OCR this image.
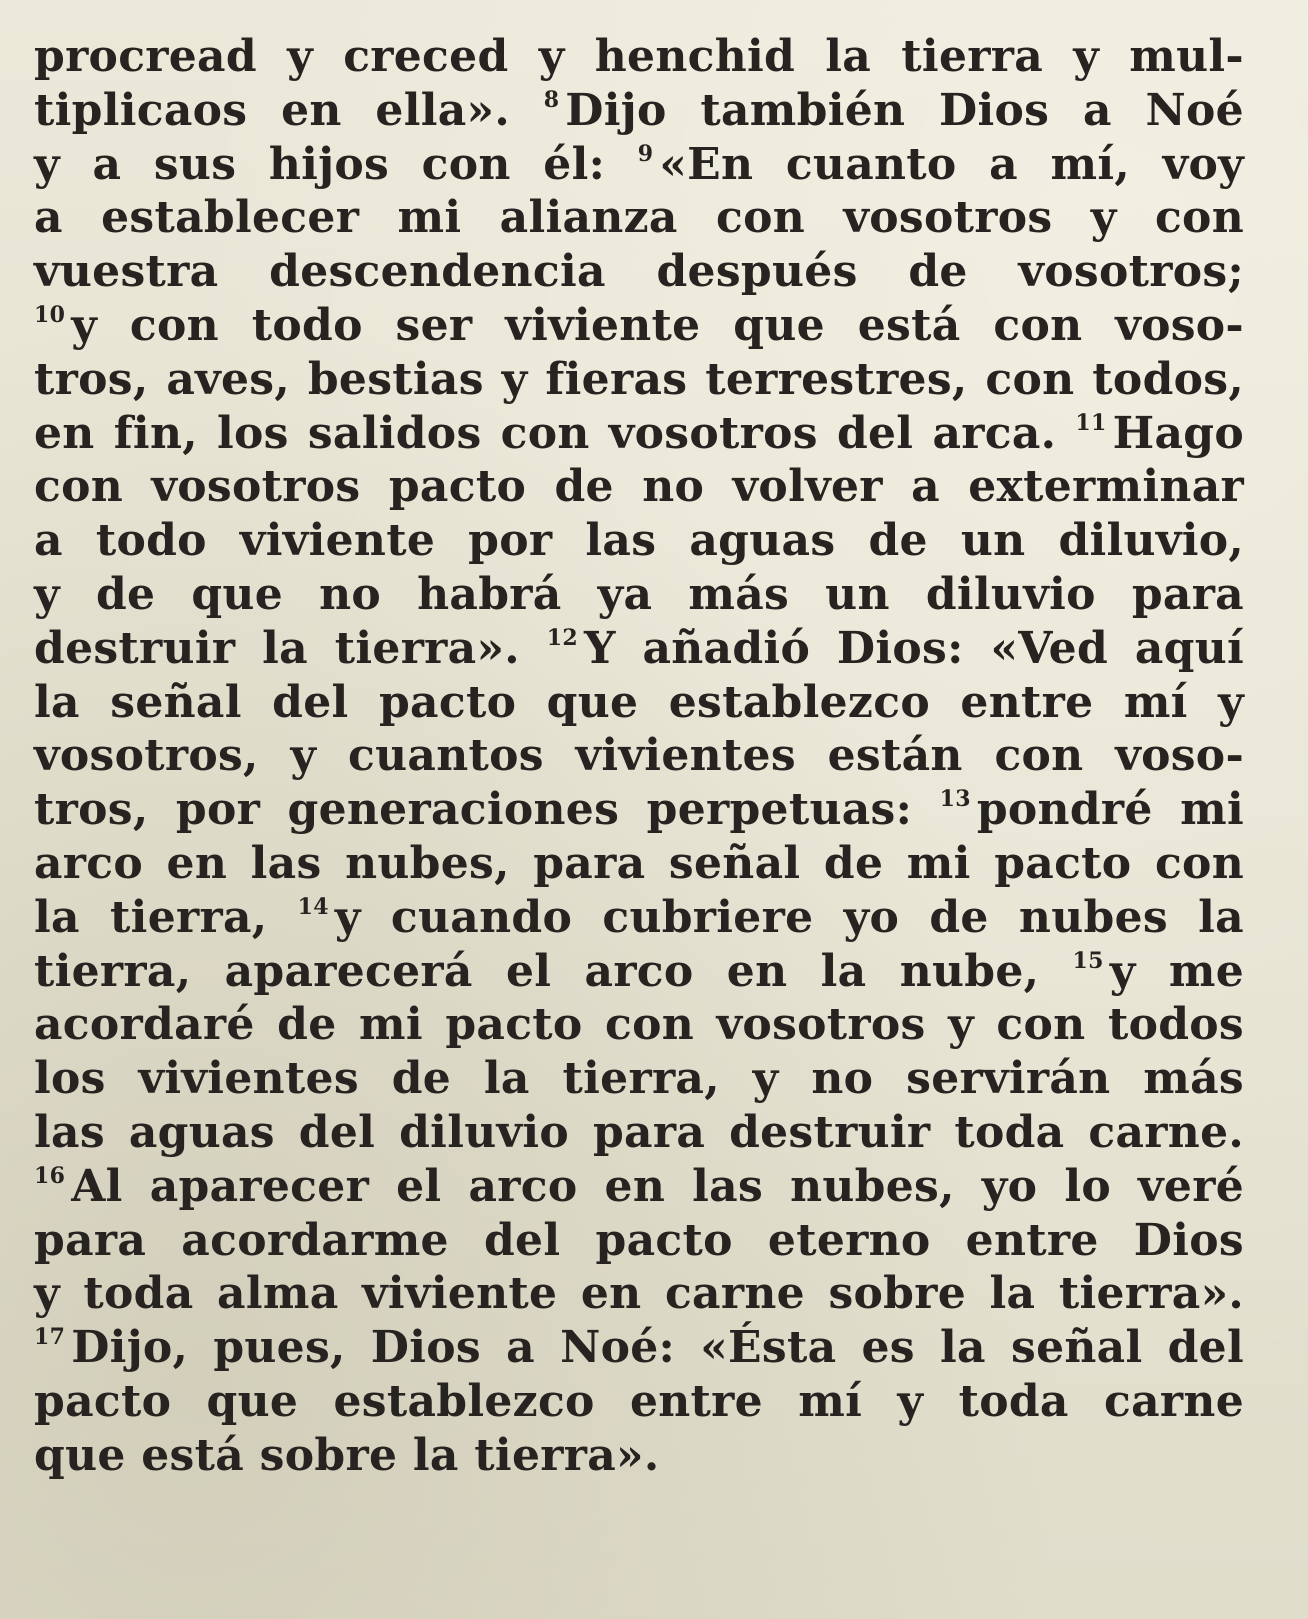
procread y creced y henchid la tierra y mul-
tiplicaos en ella». $^8$ Dijo también Dios a Noé
y a sus hijos con él: $^9$ «En cuanto a mí, voy
a establecer mi alianza con vosotros y con
vuestra descendencia después de vosotros;
$^{10}$ y con todo ser viviente que está con voso-
tros, aves, bestias y fieras terrestres, con todos,
en fin, los salidos con vosotros del arca. $^{11}$ Hago
con vosotros pacto de no volver a exterminar
a todo viviente por las aguas de un diluvio,
y de que no habrá ya más un diluvio para
destruir la tierra». $^{12}$ Y añadió Dios: «Ved aquí
la señal del pacto que establezco entre mí y
vosotros, y cuantos vivientes están con voso-
tros, por generaciones perpetuas: $^{13}$ pondré mi
arco en las nubes, para señal de mi pacto con
la tierra, $^{14}$ y cuando cubriere yo de nubes la
tierra, aparecerá el arco en la nube, $^{15}$ y me
acordaré de mi pacto con vosotros y con todos
los vivientes de la tierra, y no servirán más
las aguas del diluvio para destruir toda carne.
$^{16}$ Al aparecer el arco en las nubes, yo lo veré
para acordarme del pacto eterno entre Dios
y toda alma viviente en carne sobre la tierra».
$^{17}$ Dijo, pues, Dios a Noé: «Ésta es la señal del
pacto que establezco entre mí y toda carne
que está sobre la tierra».
